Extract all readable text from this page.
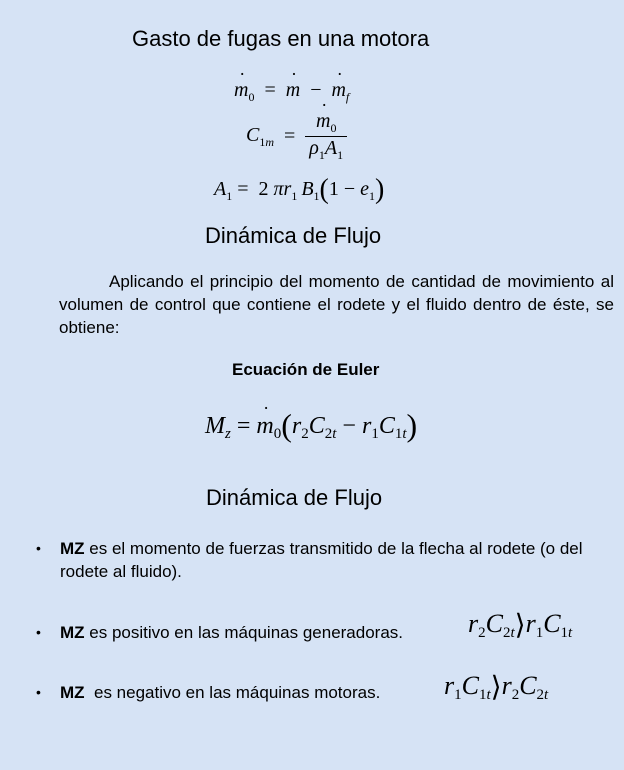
Gasto de fugas en una motora
˙ $m_0$  =  ˙ m  −  ˙ $m_f$
$C_{1m}$  =
˙ $\frac{m_0}{\rho_1A_1}$
$A_1 = 2$ $\pi r_1$ $B_1(1 - e_1)$
Dinámica de Flujo
Aplicando el principio del momento de cantidad de movimiento al volumen de control que contiene el rodete y el fluido dentro de éste, se obtiene:
Ecuación de Euler
$M_z$ = ˙ $m_0(r_2C_{2t} - r_1C_{1t})$
Dinámica de Flujo
• MZ es el momento de fuerzas transmitido de la flecha al rodete (o del rodete al fluido).
• MZ es positivo en las máquinas generadoras. $r_2C_{2t}⟩r_1C_{1t}$
• MZ  es negativo en las máquinas motoras. $r_1C_{1t}⟩r_2C_{2t}$
